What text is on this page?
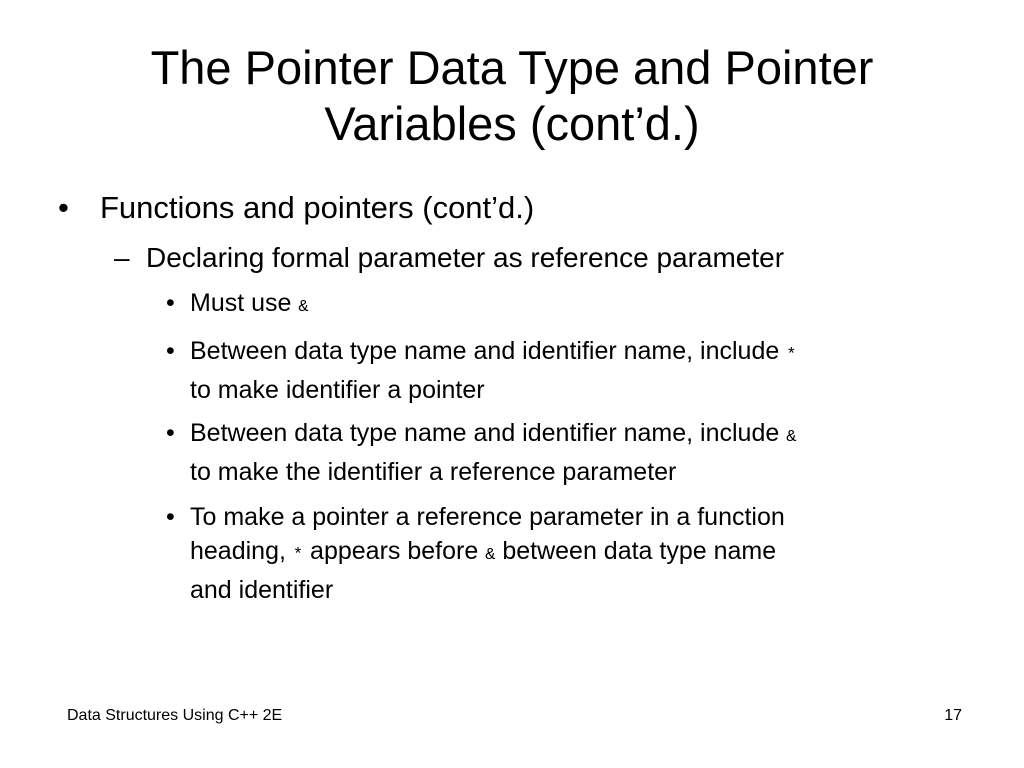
The Pointer Data Type and Pointer
Variables (cont’d.)
• Functions and pointers (cont’d.)
– Declaring formal parameter as reference parameter
• Must use &
• Between data type name and identifier name, include *
to make identifier a pointer
• Between data type name and identifier name, include &
to make the identifier a reference parameter
• To make a pointer a reference parameter in a function
heading, * appears before & between data type name
and identifier
Data Structures Using C++ 2E	17
